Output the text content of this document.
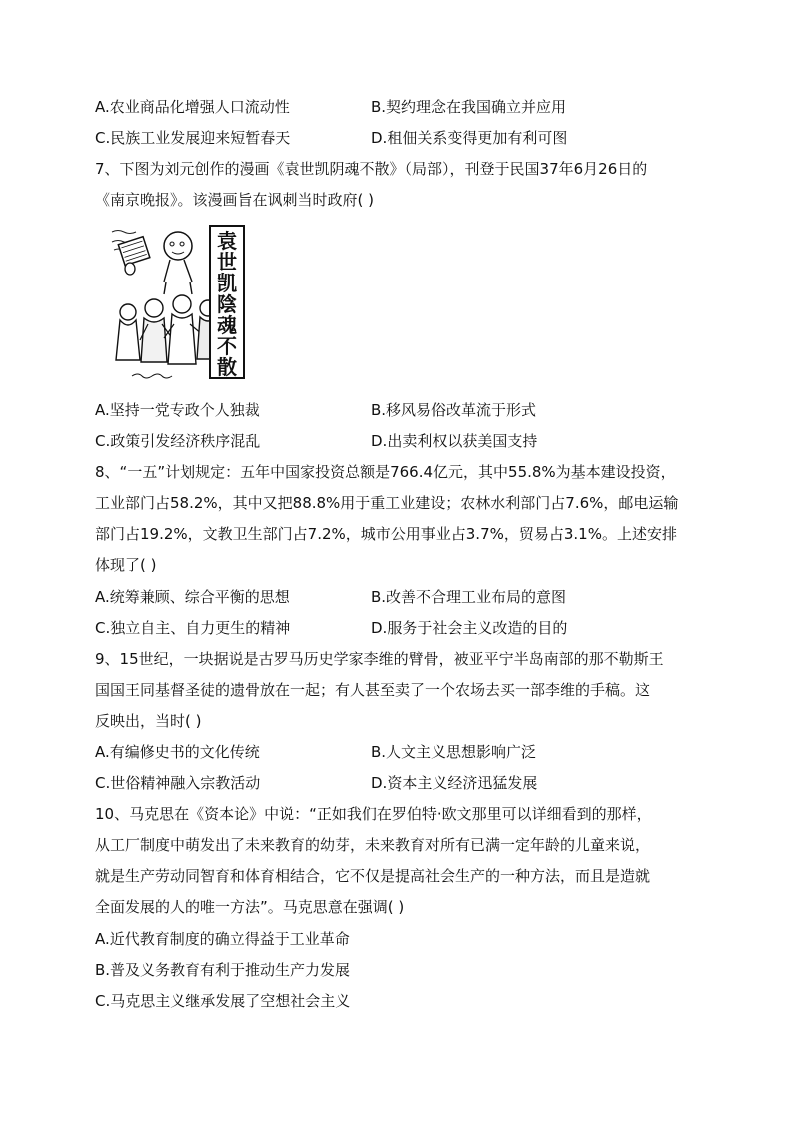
A.农业商品化增强人口流动性	B.契约理念在我国确立并应用
C.民族工业发展迎来短暂春天	D.租佃关系变得更加有利可图
7、下图为刘元创作的漫画《袁世凯阴魂不散》（局部），刊登于民国37年6月26日的
《南京晚报》。该漫画旨在讽刺当时政府( )
袁
世
凯
陰
魂
不
散
A.坚持一党专政个人独裁	B.移风易俗改革流于形式
C.政策引发经济秩序混乱	D.出卖利权以获美国支持
8、“一五”计划规定：五年中国家投资总额是766.4亿元，其中55.8%为基本建设投资，
工业部门占58.2%，其中又把88.8%用于重工业建设；农林水利部门占7.6%，邮电运输
部门占19.2%，文教卫生部门占7.2%，城市公用事业占3.7%，贸易占3.1%。上述安排
体现了( )
A.统筹兼顾、综合平衡的思想	B.改善不合理工业布局的意图
C.独立自主、自力更生的精神	D.服务于社会主义改造的目的
9、15世纪，一块据说是古罗马历史学家李维的臂骨，被亚平宁半岛南部的那不勒斯王
国国王同基督圣徒的遗骨放在一起；有人甚至卖了一个农场去买一部李维的手稿。这
反映出，当时( )
A.有编修史书的文化传统	B.人文主义思想影响广泛
C.世俗精神融入宗教活动	D.资本主义经济迅猛发展
10、马克思在《资本论》中说：“正如我们在罗伯特·欧文那里可以详细看到的那样，
从工厂制度中萌发出了未来教育的幼芽，未来教育对所有已满一定年龄的儿童来说，
就是生产劳动同智育和体育相结合，它不仅是提高社会生产的一种方法，而且是造就
全面发展的人的唯一方法”。马克思意在强调( )
A.近代教育制度的确立得益于工业革命
B.普及义务教育有利于推动生产力发展
C.马克思主义继承发展了空想社会主义
